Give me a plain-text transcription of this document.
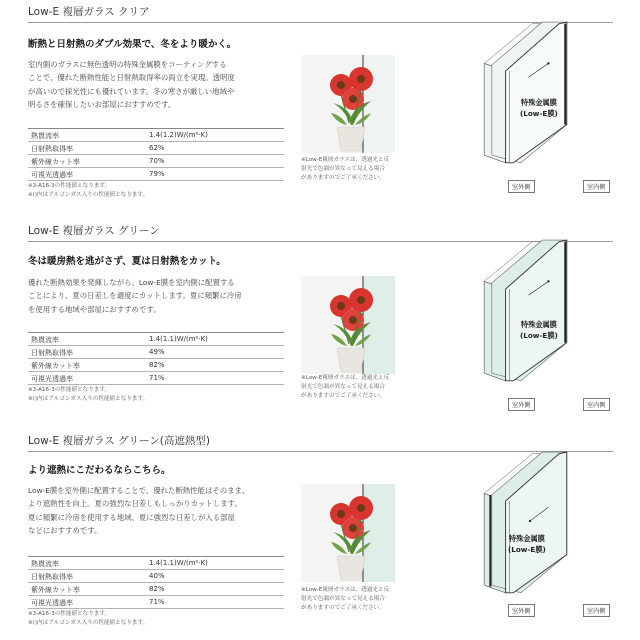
Low-E 複層ガラス クリア
断熱と日射熱のダブル効果で、冬をより暖かく。
室内側のガラスに無色透明の特殊金属膜をコーティングする
ことで、優れた断熱性能と日射熱取得率の両立を実現。透明度
が高いので採光性にも優れています。冬の寒さが厳しい地域や
明るさを確保したいお部屋におすすめです。
熱貫流率	1.4(1.2)W/(m²·K)
日射熱取得率	62%
紫外線カット率	70%
可視光透過率	79%
※3-A16-3の性能値となります。
※()内はアルゴンガス入りの性能値となります。
※Low-E複層ガラスは、透過光と反
射光で色調が異なって見える場合
がありますのでご了承ください。
特殊金属膜
(Low-E膜)
室外側	室内側
Low-E 複層ガラス グリーン
冬は暖房熱を逃がさず、夏は日射熱をカット。
優れた断熱効果を発揮しながら、Low-E膜を室内側に配置する
ことにより、夏の日差しを適度にカットします。夏に頻繁に冷房
を使用する地域や部屋におすすめです。
熱貫流率	1.4(1.1)W/(m²·K)
日射熱取得率	49%
紫外線カット率	82%
可視光透過率	71%
※3-A16-3の性能値となります。
※()内はアルゴンガス入りの性能値となります。
※Low-E複層ガラスは、透過光と反
射光で色調が異なって見える場合
がありますのでご了承ください。
特殊金属膜
(Low-E膜)
室外側	室内側
Low-E 複層ガラス グリーン(高遮熱型)
より遮熱にこだわるならこちら。
Low-E膜を室外側に配置することで、優れた断熱性能はそのまま、
より遮熱性を向上。夏の強烈な日差しもしっかりカットします。
夏に頻繁に冷房を使用する地域、夏に強烈な日差しが入る部屋
などにおすすめです。
熱貫流率	1.4(1.1)W/(m²·K)
日射熱取得率	40%
紫外線カット率	82%
可視光透過率	71%
※3-A16-3の性能値となります。
※()内はアルゴンガス入りの性能値となります。
※Low-E複層ガラスは、透過光と反
射光で色調が異なって見える場合
がありますのでご了承ください。
特殊金属膜
(Low-E膜)
室外側	室内側
